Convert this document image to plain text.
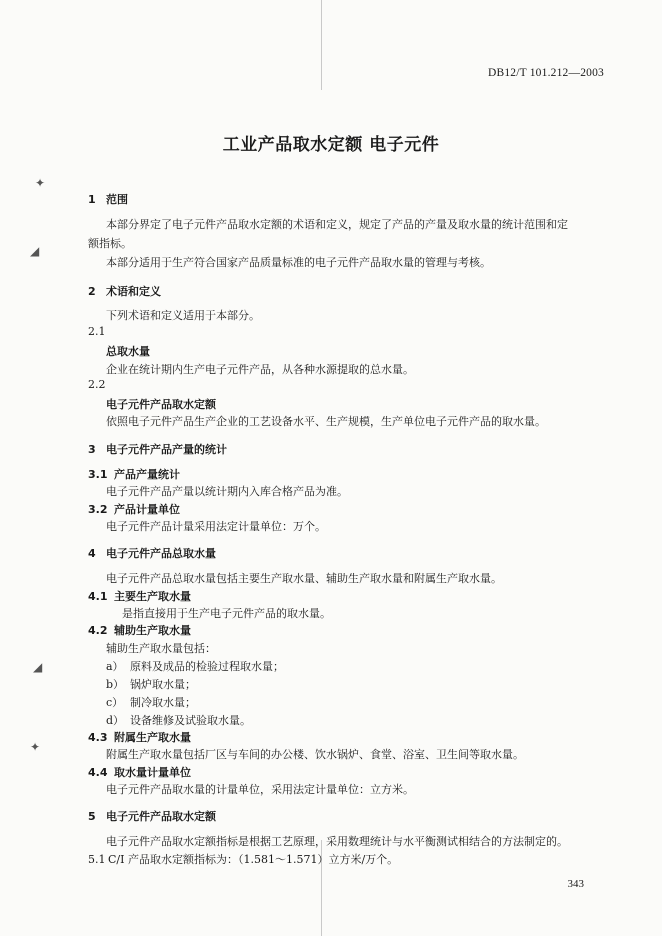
✦
◢
◢
✦
DB12/T 101.212—2003
工业产品取水定额 电子元件
1 范围
本部分界定了电子元件产品取水定额的术语和定义，规定了产品的产量及取水量的统计范围和定
额指标。
本部分适用于生产符合国家产品质量标准的电子元件产品取水量的管理与考核。
2 术语和定义
下列术语和定义适用于本部分。
2.1
总取水量
企业在统计期内生产电子元件产品，从各种水源提取的总水量。
2.2
电子元件产品取水定额
依照电子元件产品生产企业的工艺设备水平、生产规模，生产单位电子元件产品的取水量。
3 电子元件产品产量的统计
3.1 产品产量统计
电子元件产品产量以统计期内入库合格产品为准。
3.2 产品计量单位
电子元件产品计量采用法定计量单位：万个。
4 电子元件产品总取水量
电子元件产品总取水量包括主要生产取水量、辅助生产取水量和附属生产取水量。
4.1 主要生产取水量
是指直接用于生产电子元件产品的取水量。
4.2 辅助生产取水量
辅助生产取水量包括：
a） 原料及成品的检验过程取水量；
b） 锅炉取水量；
c） 制冷取水量；
d） 设备维修及试验取水量。
4.3 附属生产取水量
附属生产取水量包括厂区与车间的办公楼、饮水锅炉、食堂、浴室、卫生间等取水量。
4.4 取水量计量单位
电子元件产品取水量的计量单位，采用法定计量单位：立方米。
5 电子元件产品取水定额
电子元件产品取水定额指标是根据工艺原理，采用数理统计与水平衡测试相结合的方法制定的。
5.1 C/I 产品取水定额指标为：（1.581～1.571）立方米/万个。
343
